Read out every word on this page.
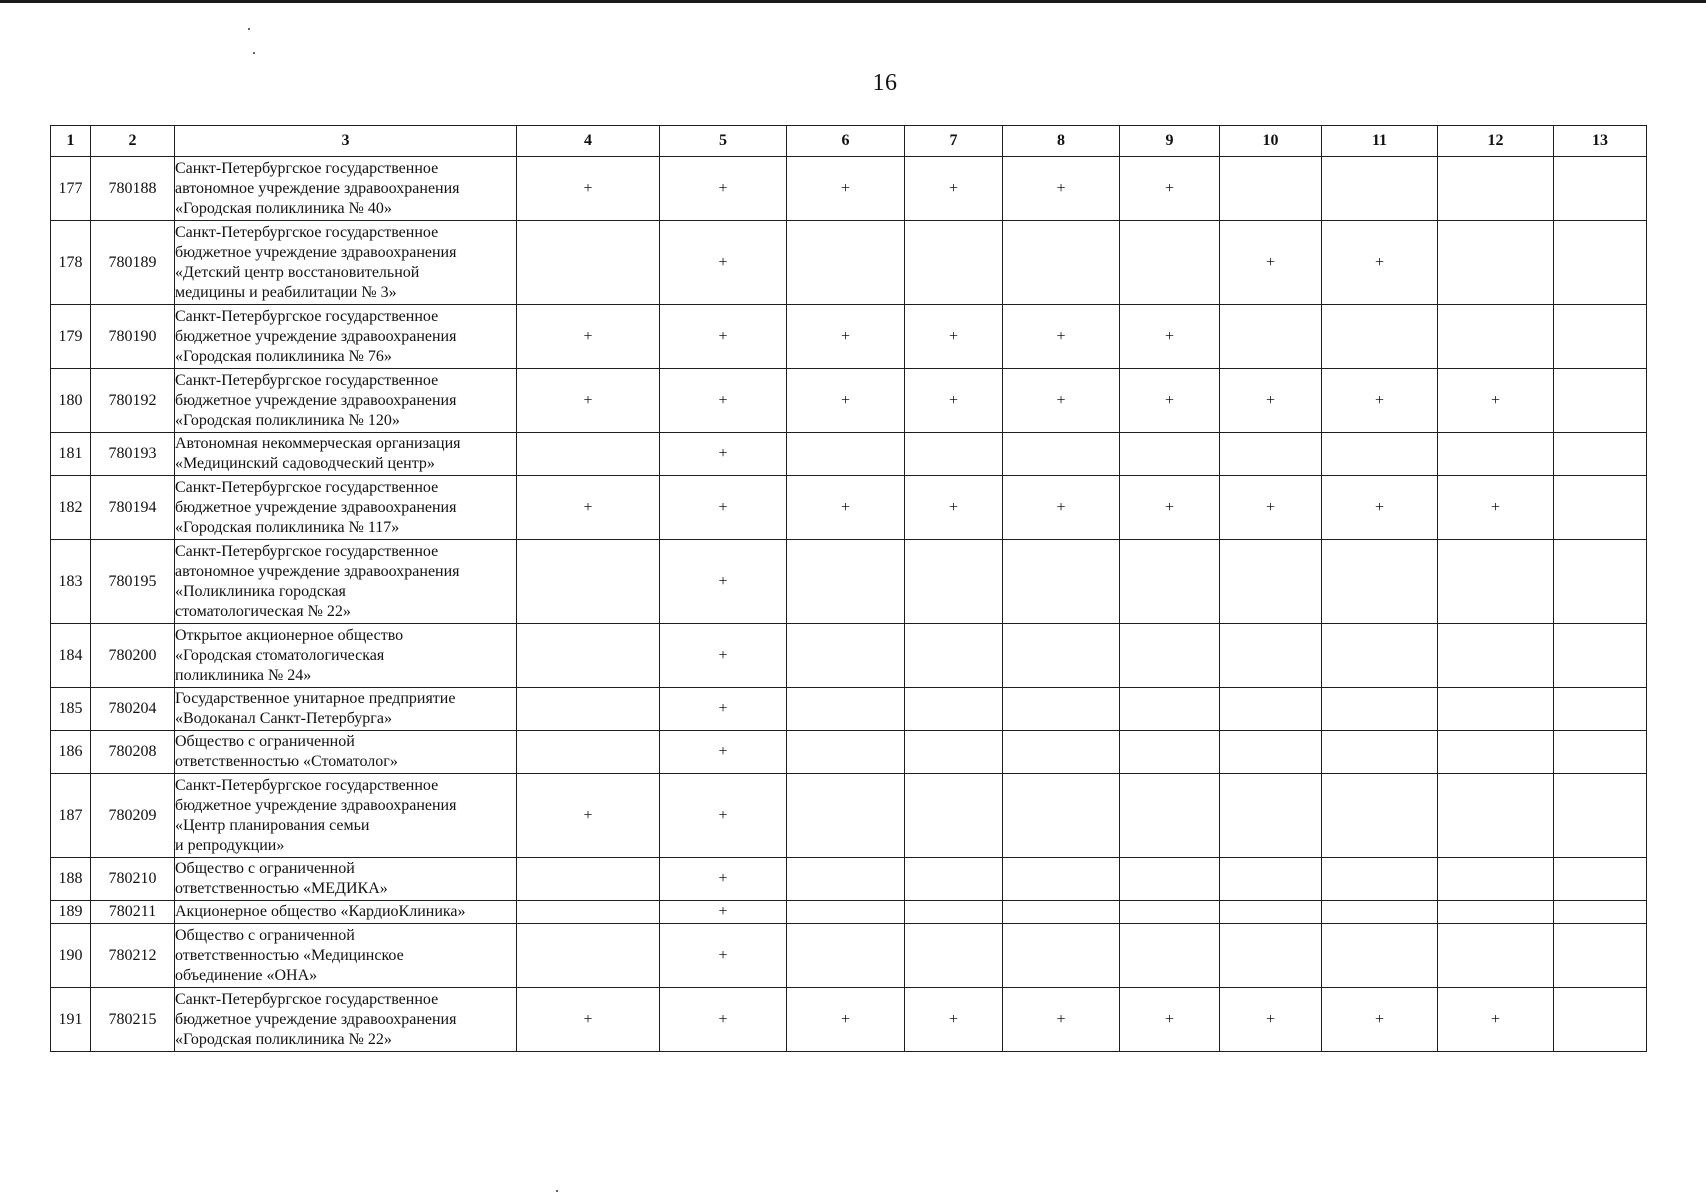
16
1	2	3	4	5	6	7	8	9	10	11	12	13
177	780188	Санкт-Петербургское государственное
автономное учреждение здравоохранения
«Городская поликлиника № 40»	+	+	+	+	+	+				
178	780189	Санкт-Петербургское государственное
бюджетное учреждение здравоохранения
«Детский центр восстановительной
медицины и реабилитации № 3»		+					+	+		
179	780190	Санкт-Петербургское государственное
бюджетное учреждение здравоохранения
«Городская поликлиника № 76»	+	+	+	+	+	+				
180	780192	Санкт-Петербургское государственное
бюджетное учреждение здравоохранения
«Городская поликлиника № 120»	+	+	+	+	+	+	+	+	+	
181	780193	Автономная некоммерческая организация
«Медицинский садоводческий центр»		+								
182	780194	Санкт-Петербургское государственное
бюджетное учреждение здравоохранения
«Городская поликлиника № 117»	+	+	+	+	+	+	+	+	+	
183	780195	Санкт-Петербургское государственное
автономное учреждение здравоохранения
«Поликлиника городская
стоматологическая № 22»		+								
184	780200	Открытое акционерное общество
«Городская стоматологическая
поликлиника № 24»		+								
185	780204	Государственное унитарное предприятие
«Водоканал Санкт-Петербурга»		+								
186	780208	Общество с ограниченной
ответственностью «Стоматолог»		+								
187	780209	Санкт-Петербургское государственное
бюджетное учреждение здравоохранения
«Центр планирования семьи
и репродукции»	+	+								
188	780210	Общество с ограниченной
ответственностью «МЕДИКА»		+								
189	780211	Акционерное общество «КардиоКлиника»		+								
190	780212	Общество с ограниченной
ответственностью «Медицинское
объединение «ОНА»		+								
191	780215	Санкт-Петербургское государственное
бюджетное учреждение здравоохранения
«Городская поликлиника № 22»	+	+	+	+	+	+	+	+	+	
